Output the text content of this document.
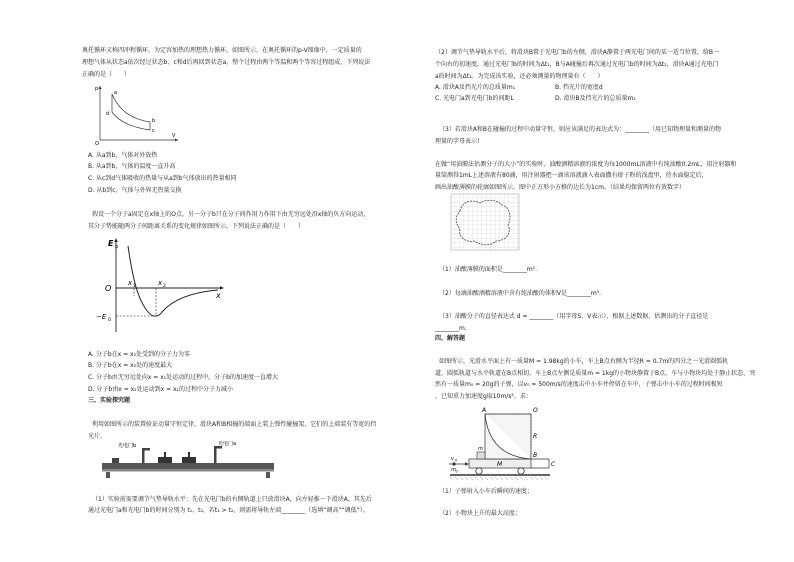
奥托循环又称四冲程循环，为定容加热的理想热力循环，如图所示，在奥托循环的p-V图像中，一定质量的
理想气体从状态a依次经过状态b、c和d后再回到状态a，整个过程由两个等温和两个等容过程组成，下列说法
正确的是（　　）
p
V
O
a
b
c
d
A. 从a到b，气体对外放热
B. 从a到b，气体的温度一直升高
C. 从c到d气体吸收的热量与从a到b气体放出的热量相同
D. 从b到c，气体与外界无热量交换
假设一个分子a固定在x轴上的O点，另一分子b只在分子间作用力作用下由无穷远处沿x轴的负方向运动，
其分子势能随两分子间距离关系的变化规律如图所示，下列说法正确的是（　　）
E p
O
x
x 1	x 2
−E 0
A. 分子b在x = x₂处受到的分子力为零
B. 分子b在x = x₂处的速度最大
C. 分子b由无穷远处向x = x₁处运动的过程中，分子b的加速度一直增大
D. 分子b由x = x₂处运动到x = x₁的过程中分子力减小
三、实验探究题
利用如图所示的装置验证动量守恒定律，滑块A和B相撞的端面上装上弹性碰撞架，它们的上端装有等宽的挡
光片。
光电门b	光电门a
（1）实验前需要调节气垫导轨水平：先在光电门b的右侧轨道上只放滑块A，向左轻推一下滑块A，其先后
通过光电门a和光电门b的时间分别为 t₁、t₂，若t₁ > t₂，则需将导轨左端________（选填“调高”“调低”）。
（2）调节气垫导轨水平后，将滑块B置于光电门b的左侧，滑块A静置于两光电门间的某一适当位置，给B一
个向右的初速度，通过光电门b的时间为Δt₁，B与A碰撞后再次通过光电门b的时间为Δt₂，滑块A通过光电门
a的时间为Δt₃。为完成该实验，还必须测量的物理量有（　　）
A. 滑块A及挡光片的总质量m₁	B. 挡光片的宽度d
C. 光电门a到光电门b的间距L	D. 滑块B及挡光片的总质量m₂
（3）若滑块A和B在碰撞的过程中动量守恒，则应该满足的表达式为：________（用已知物理量和测量的物
理量的字母表示）
在做“用油膜法估测分子的大小”的实验时，油酸酒精溶液的浓度为每1000mL溶液中有纯油酸0.2mL，用注射器和
量筒测得1mL上述溶液有80滴，用注射器把一滴该溶液滴入表面撒有痱子粉的浅盘里，待水面稳定后，
画出油酸薄膜的轮廓如图所示，图中正方形小方格的边长为1cm。（结果均保留两位有效数字）
（1）油酸薄膜的面积是________m².
（2）每滴油酸酒精溶液中含有纯油酸的体积V是________m³.
（3）油酸分子的直径表达式 d = ________（用字母S、V表示），根据上述数据，估测出的分子直径是
________m.
四、解答题
如图所示，光滑水平面上有一质量M = 1.98kg的小车，车上B点右侧为半径R = 0.7m的四分之一光滑圆弧轨
道，圆弧轨道与水平轨道在B点相切，车上B点左侧是质量m = 1kg的小物块静置于B点，车与小物块均处于静止状态，突
然有一质量m₀ = 20g的子弹，以v₀ = 500m/s的速度击中小车并停留在车中，子弹击中小车的过程时间极短
，已知重力加速度g取10m/s²，求：
A
B
O
R
C
M
m
v 0
m 0
（1）子弹射入小车后瞬间的速度；
（2）小物块上升的最大高度；
